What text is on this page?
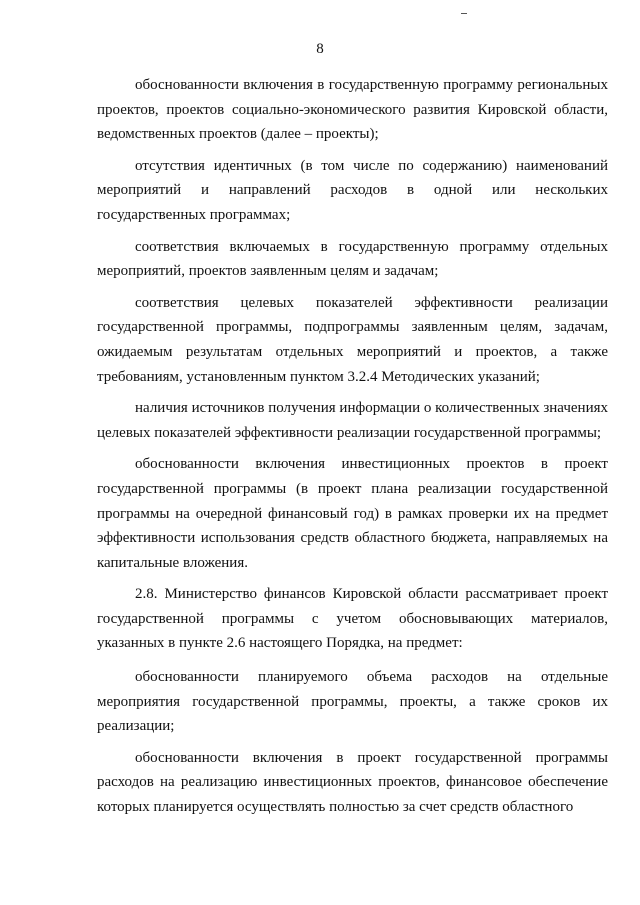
8

обоснованности включения в государственную программу региональных проектов, проектов социально-экономического развития Кировской области, ведомственных проектов (далее – проекты);

отсутствия идентичных (в том числе по содержанию) наименований мероприятий и направлений расходов в одной или нескольких государственных программах;

соответствия включаемых в государственную программу отдельных мероприятий, проектов заявленным целям и задачам;

соответствия целевых показателей эффективности реализации государственной программы, подпрограммы заявленным целям, задачам, ожидаемым результатам отдельных мероприятий и проектов, а также требованиям, установленным пунктом 3.2.4 Методических указаний;

наличия источников получения информации о количественных значениях целевых показателей эффективности реализации государственной программы;

обоснованности включения инвестиционных проектов в проект государственной программы (в проект плана реализации государственной программы на очередной финансовый год) в рамках проверки их на предмет эффективности использования средств областного бюджета, направляемых на капитальные вложения.

2.8. Министерство финансов Кировской области рассматривает проект государственной программы с учетом обосновывающих материалов, указанных в пункте 2.6 настоящего Порядка, на предмет:

обоснованности планируемого объема расходов на отдельные мероприятия государственной программы, проекты, а также сроков их реализации;

обоснованности включения в проект государственной программы расходов на реализацию инвестиционных проектов, финансовое обеспечение которых планируется осуществлять полностью за счет средств областного
